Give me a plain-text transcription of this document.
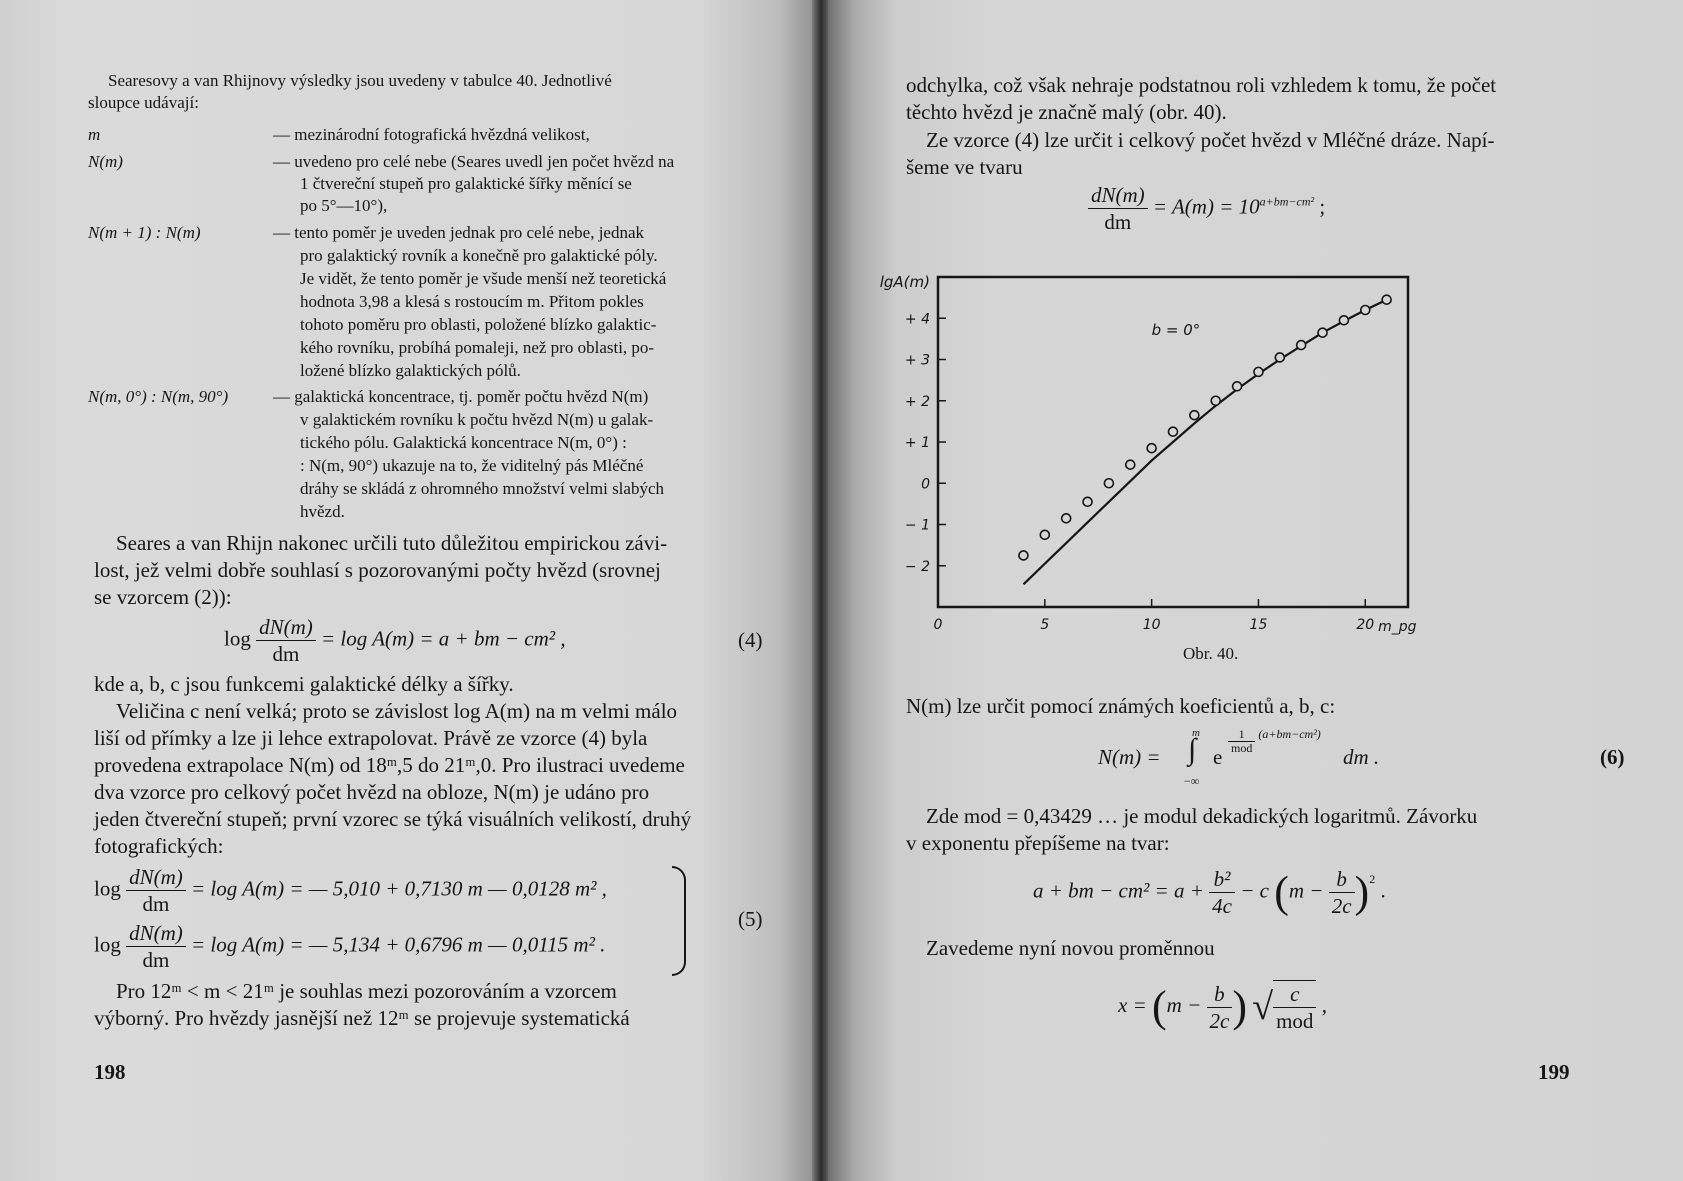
Searesovy a van Rhijnovy výsledky jsou uvedeny v tabulce 40. Jednotlivé
sloupce udávají:
m	— mezinárodní fotografická hvězdná velikost,
N(m)	— uvedeno pro celé nebe (Seares uvedl jen počet hvězd na
1 čtvereční stupeň pro galaktické šířky měnící se
po 5°—10°),
N(m + 1) : N(m)	— tento poměr je uveden jednak pro celé nebe, jednak
pro galaktický rovník a konečně pro galaktické póly.
Je vidět, že tento poměr je všude menší než teoretická
hodnota 3,98 a klesá s rostoucím m. Přitom pokles
tohoto poměru pro oblasti, položené blízko galaktic-
kého rovníku, probíhá pomaleji, než pro oblasti, po-
ložené blízko galaktických pólů.
N(m, 0°) : N(m, 90°)	— galaktická koncentrace, tj. poměr počtu hvězd N(m)
v galaktickém rovníku k počtu hvězd N(m) u galak-
tického pólu. Galaktická koncentrace N(m, 0°) :
: N(m, 90°) ukazuje na to, že viditelný pás Mléčné
dráhy se skládá z ohromného množství velmi slabých
hvězd.
Seares a van Rhijn nakonec určili tuto důležitou empirickou závi-
lost, jež velmi dobře souhlasí s pozorovanými počty hvězd (srovnej
se vzorcem (2)):
$\log \frac{dN(m)}{dm} = \log A(m) = a$ + bm − cm² ,	(4)
kde a, b, c jsou funkcemi galaktické délky a šířky.
Veličina c není velká; proto se závislost log A(m) na m velmi málo
liší od přímky a lze ji lehce extrapolovat. Právě ze vzorce (4) byla
provedena extrapolace N(m) od 18ᵐ,5 do 21ᵐ,0. Pro ilustraci uvedeme
dva vzorce pro celkový počet hvězd na obloze, N(m) je udáno pro
jeden čtvereční stupeň; první vzorec se týká visuálních velikostí, druhý
fotografických:
$\log \frac{dN(m)}{dm} = \log A(m)$ = — 5,010 + 0,7130 m — 0,0128 m² ,
$\log \frac{dN(m)}{dm} = \log A(m)$ = — 5,134 + 0,6796 m — 0,0115 m² .
(5)
Pro 12ᵐ < m < 21ᵐ je souhlas mezi pozorováním a vzorcem
výborný. Pro hvězdy jasnější než 12ᵐ se projevuje systematická
198
odchylka, což však nehraje podstatnou roli vzhledem k tomu, že počet
těchto hvězd je značně malý (obr. 40).
Ze vzorce (4) lze určit i celkový počet hvězd v Mléčné dráze. Napí-
šeme ve tvaru
$\frac{dN(m)}{dm} = A(m) = 10^{a+bm-cm^2}$ ;
0	5	10	15	20
+ 4
+ 3
+ 2
+ 1
0
− 1
− 2
lgA(m)
m_pg
b = 0°
Obr. 40.
N(m) lze určit pomocí známých koeficientů a, b, c:
N(m) = ∫
m
−∞
e
$\frac{1}{\text{mod}} (a+bm-cm^2)$
dm .	(6)
Zde mod = 0,43429 … je modul dekadických logaritmů. Závorku
v exponentu přepíšeme na tvar:
a + bm − $cm^2 = a + \frac{\text{b²}}{4c} - c$ $(m - \frac{b}{2c} )^2$ .
Zavedeme nyní novou proměnnou
$x = (m - \frac{b}{2c}$ ) √ $\frac{c}{\text{mod}}$ ,
199
